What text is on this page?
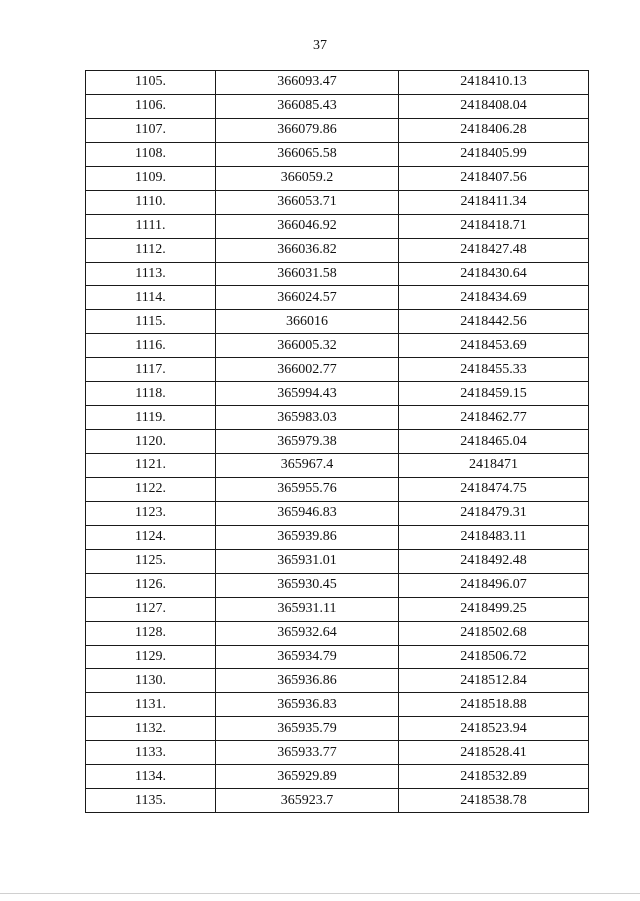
37
1105.	366093.47	2418410.13
1106.	366085.43	2418408.04
1107.	366079.86	2418406.28
1108.	366065.58	2418405.99
1109.	366059.2	2418407.56
1110.	366053.71	2418411.34
1111.	366046.92	2418418.71
1112.	366036.82	2418427.48
1113.	366031.58	2418430.64
1114.	366024.57	2418434.69
1115.	366016	2418442.56
1116.	366005.32	2418453.69
1117.	366002.77	2418455.33
1118.	365994.43	2418459.15
1119.	365983.03	2418462.77
1120.	365979.38	2418465.04
1121.	365967.4	2418471
1122.	365955.76	2418474.75
1123.	365946.83	2418479.31
1124.	365939.86	2418483.11
1125.	365931.01	2418492.48
1126.	365930.45	2418496.07
1127.	365931.11	2418499.25
1128.	365932.64	2418502.68
1129.	365934.79	2418506.72
1130.	365936.86	2418512.84
1131.	365936.83	2418518.88
1132.	365935.79	2418523.94
1133.	365933.77	2418528.41
1134.	365929.89	2418532.89
1135.	365923.7	2418538.78
